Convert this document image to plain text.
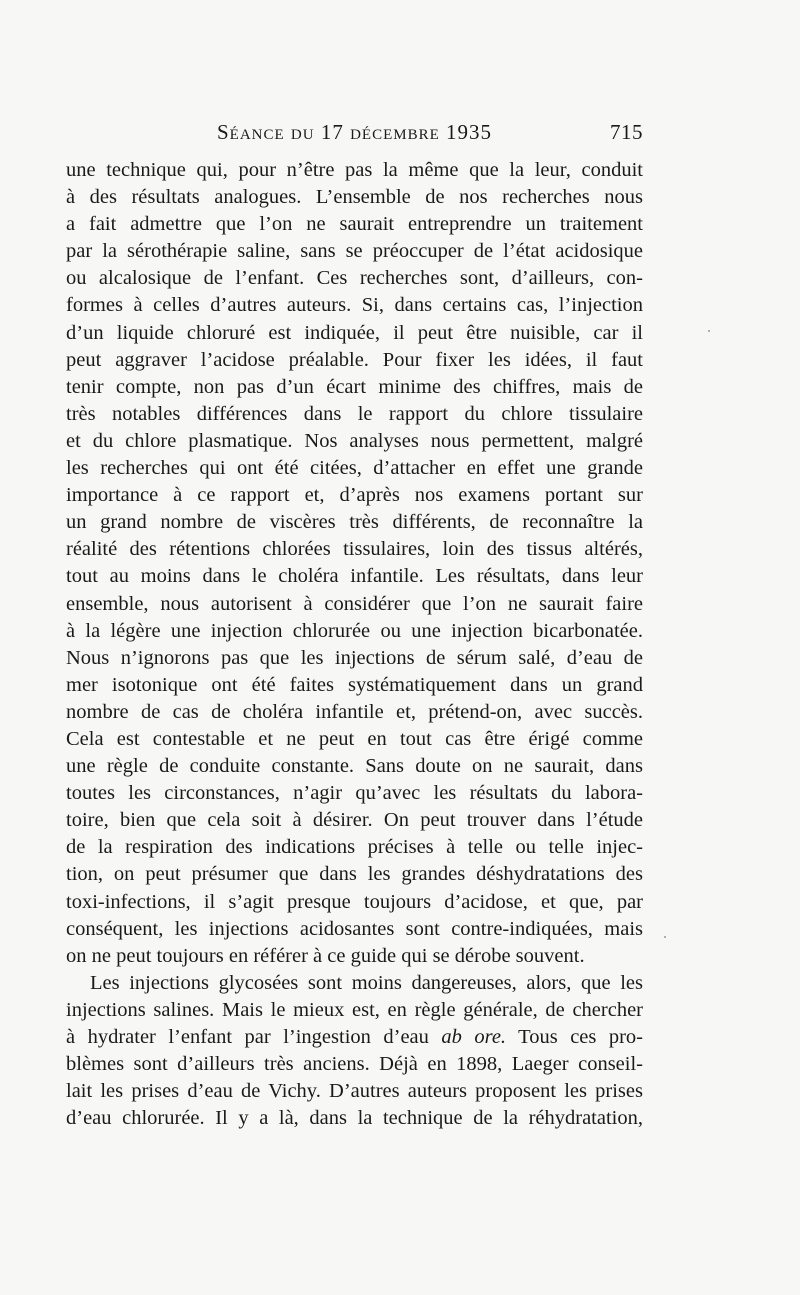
Séance du 17 décembre 1935	715
une technique qui, pour n’être pas la même que la leur, conduit
à des résultats analogues. L’ensemble de nos recherches nous
a fait admettre que l’on ne saurait entreprendre un traitement
par la sérothérapie saline, sans se préoccuper de l’état acidosique
ou alcalosique de l’enfant. Ces recherches sont, d’ailleurs, con-
formes à celles d’autres auteurs. Si, dans certains cas, l’injection
d’un liquide chloruré est indiquée, il peut être nuisible, car il
peut aggraver l’acidose préalable. Pour fixer les idées, il faut
tenir compte, non pas d’un écart minime des chiffres, mais de
très notables différences dans le rapport du chlore tissulaire
et du chlore plasmatique. Nos analyses nous permettent, malgré
les recherches qui ont été citées, d’attacher en effet une grande
importance à ce rapport et, d’après nos examens portant sur
un grand nombre de viscères très différents, de reconnaître la
réalité des rétentions chlorées tissulaires, loin des tissus altérés,
tout au moins dans le choléra infantile. Les résultats, dans leur
ensemble, nous autorisent à considérer que l’on ne saurait faire
à la légère une injection chlorurée ou une injection bicarbonatée.
Nous n’ignorons pas que les injections de sérum salé, d’eau de
mer isotonique ont été faites systématiquement dans un grand
nombre de cas de choléra infantile et, prétend-on, avec succès.
Cela est contestable et ne peut en tout cas être érigé comme
une règle de conduite constante. Sans doute on ne saurait, dans
toutes les circonstances, n’agir qu’avec les résultats du labora-
toire, bien que cela soit à désirer. On peut trouver dans l’étude
de la respiration des indications précises à telle ou telle injec-
tion, on peut présumer que dans les grandes déshydratations des
toxi-infections, il s’agit presque toujours d’acidose, et que, par
conséquent, les injections acidosantes sont contre-indiquées, mais
on ne peut toujours en référer à ce guide qui se dérobe souvent.
Les injections glycosées sont moins dangereuses, alors, que les
injections salines. Mais le mieux est, en règle générale, de chercher
à hydrater l’enfant par l’ingestion d’eau ab ore. Tous ces pro-
blèmes sont d’ailleurs très anciens. Déjà en 1898, Laeger conseil-
lait les prises d’eau de Vichy. D’autres auteurs proposent les prises
d’eau chlorurée. Il y a là, dans la technique de la réhydratation,
